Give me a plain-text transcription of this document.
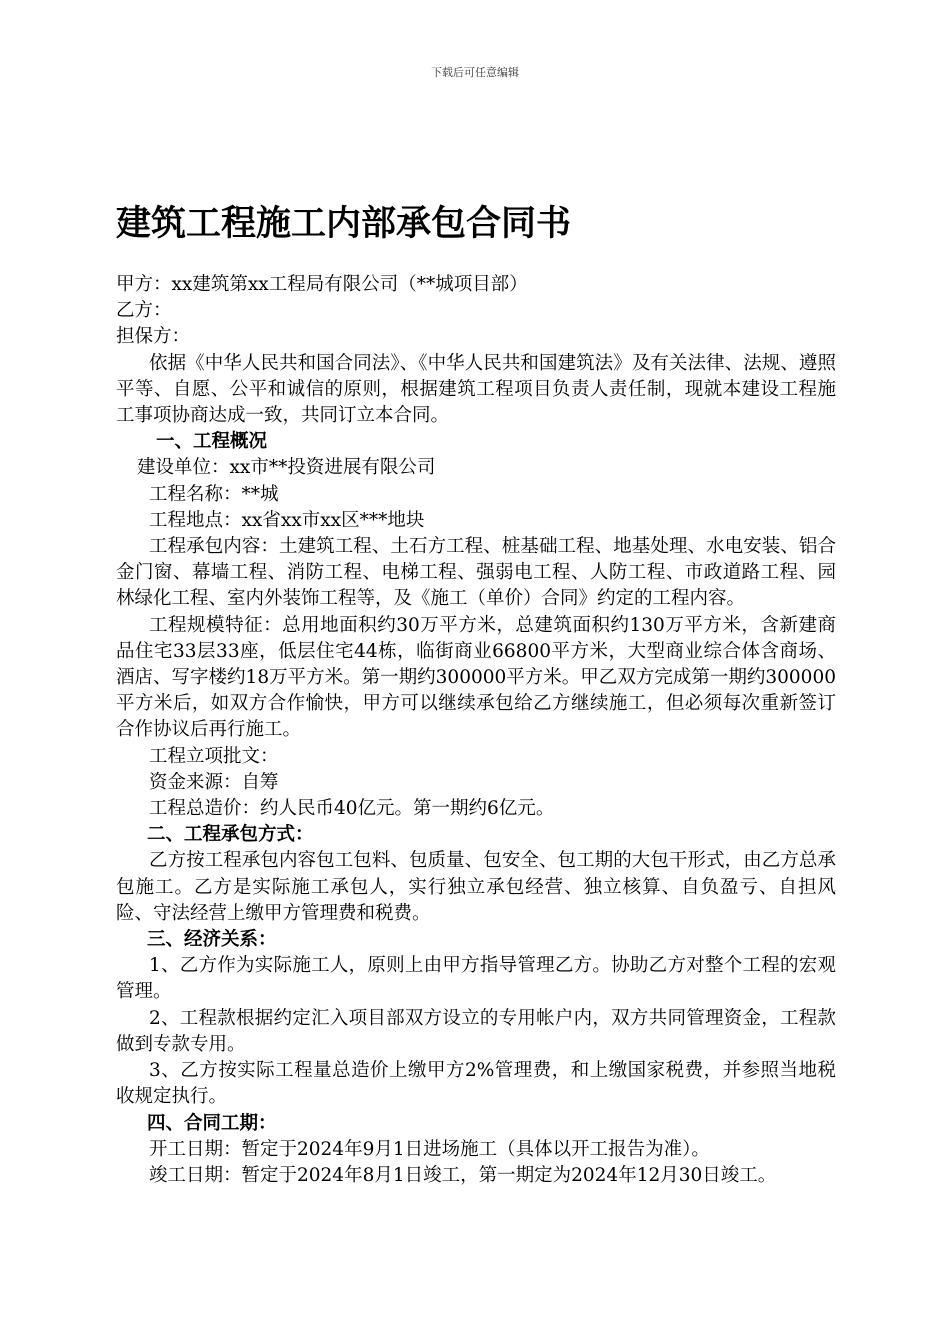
下载后可任意编辑
建筑工程施工内部承包合同书

甲方：xx建筑第xx工程局有限公司（**城项目部）

乙方：

担保方：

依据《中华人民共和国合同法》、《中华人民共和国建筑法》及有关法律、法规、遵照平等、自愿、公平和诚信的原则，根据建筑工程项目负责人责任制，现就本建设工程施工事项协商达成一致，共同订立本合同。

一、工程概况

建设单位：xx市**投资进展有限公司

工程名称：**城

工程地点：xx省xx市xx区***地块

工程承包内容：土建筑工程、土石方工程、桩基础工程、地基处理、水电安装、铝合金门窗、幕墙工程、消防工程、电梯工程、强弱电工程、人防工程、市政道路工程、园林绿化工程、室内外装饰工程等，及《施工（单价）合同》约定的工程内容。

工程规模特征：总用地面积约30万平方米，总建筑面积约130万平方米，含新建商品住宅33层33座，低层住宅44栋，临街商业66800平方米，大型商业综合体含商场、酒店、写字楼约18万平方米。第一期约300000平方米。甲乙双方完成第一期约300000平方米后，如双方合作愉快，甲方可以继续承包给乙方继续施工，但必须每次重新签订合作协议后再行施工。

工程立项批文：

资金来源：自筹

工程总造价：约人民币40亿元。第一期约6亿元。

二、工程承包方式：

乙方按工程承包内容包工包料、包质量、包安全、包工期的大包干形式，由乙方总承包施工。乙方是实际施工承包人，实行独立承包经营、独立核算、自负盈亏、自担风险、守法经营上缴甲方管理费和税费。

三、经济关系：

1、乙方作为实际施工人，原则上由甲方指导管理乙方。协助乙方对整个工程的宏观管理。

2、工程款根据约定汇入项目部双方设立的专用帐户内，双方共同管理资金，工程款做到专款专用。

3、乙方按实际工程量总造价上缴甲方2%管理费，和上缴国家税费，并参照当地税收规定执行。

四、合同工期：

开工日期：暂定于2024年9月1日进场施工（具体以开工报告为准）。

竣工日期：暂定于2024年8月1日竣工，第一期定为2024年12月30日竣工。
